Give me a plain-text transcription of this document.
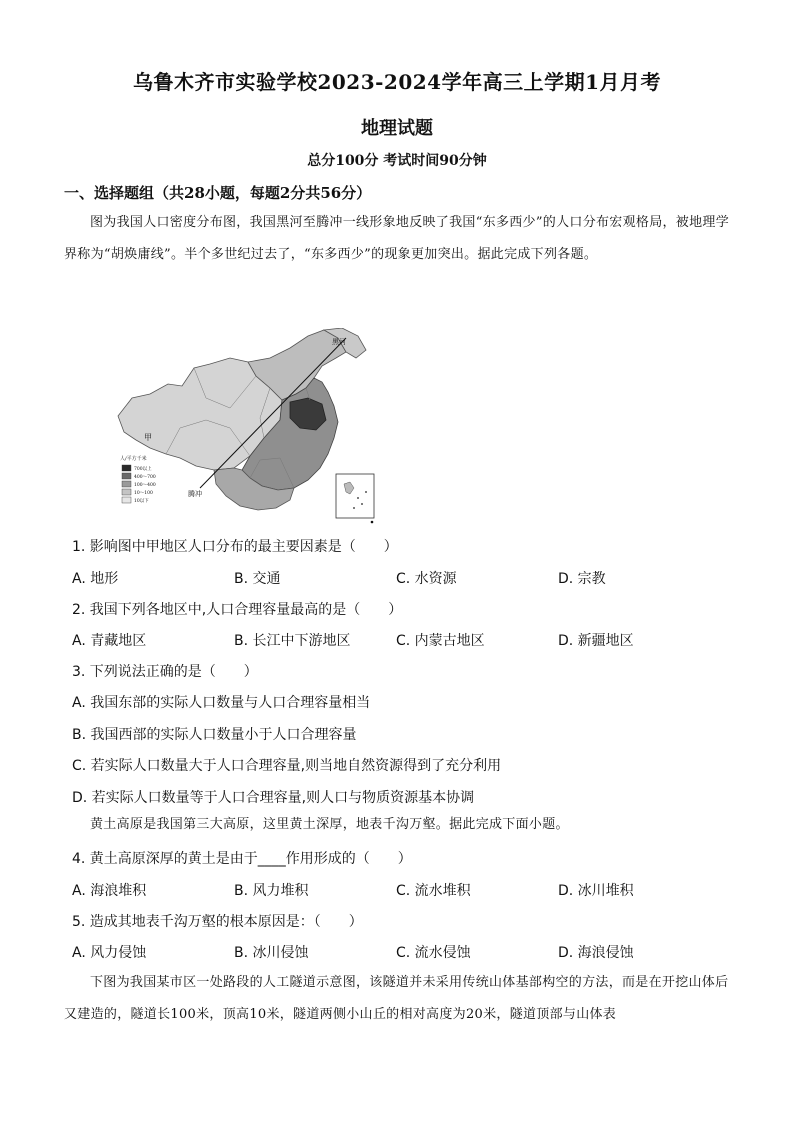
乌鲁木齐市实验学校2023-2024学年高三上学期1月月考
地理试题
总分100分 考试时间90分钟
一、选择题组（共28小题，每题2分共56分）
图为我国人口密度分布图，我国黑河至腾冲一线形象地反映了我国“东多西少”的人口分布宏观格局，被地理学界称为“胡焕庸线”。半个多世纪过去了，“东多西少”的现象更加突出。据此完成下列各题。
黑河
甲
腾冲
人/平方千米
700以上
400～700
100～400
10～100
10以下
1. 影响图中甲地区人口分布的最主要因素是（　　）
A. 地形	B. 交通	C. 水资源	D. 宗教
2. 我国下列各地区中,人口合理容量最高的是（　　）
A. 青藏地区	B. 长江中下游地区	C. 内蒙古地区	D. 新疆地区
3. 下列说法正确的是（　　）
A. 我国东部的实际人口数量与人口合理容量相当
B. 我国西部的实际人口数量小于人口合理容量
C. 若实际人口数量大于人口合理容量,则当地自然资源得到了充分利用
D. 若实际人口数量等于人口合理容量,则人口与物质资源基本协调
黄土高原是我国第三大高原，这里黄土深厚，地表千沟万壑。据此完成下面小题。
4. 黄土高原深厚的黄土是由于____作用形成的（　　）
A. 海浪堆积	B. 风力堆积	C. 流水堆积	D. 冰川堆积
5. 造成其地表千沟万壑的根本原因是：（　　）
A. 风力侵蚀	B. 冰川侵蚀	C. 流水侵蚀	D. 海浪侵蚀
下图为我国某市区一处路段的人工隧道示意图，该隧道并未采用传统山体基部构空的方法，而是在开挖山体后又建造的，隧道长100米，顶高10米，隧道两侧小山丘的相对高度为20米，隧道顶部与山体表
